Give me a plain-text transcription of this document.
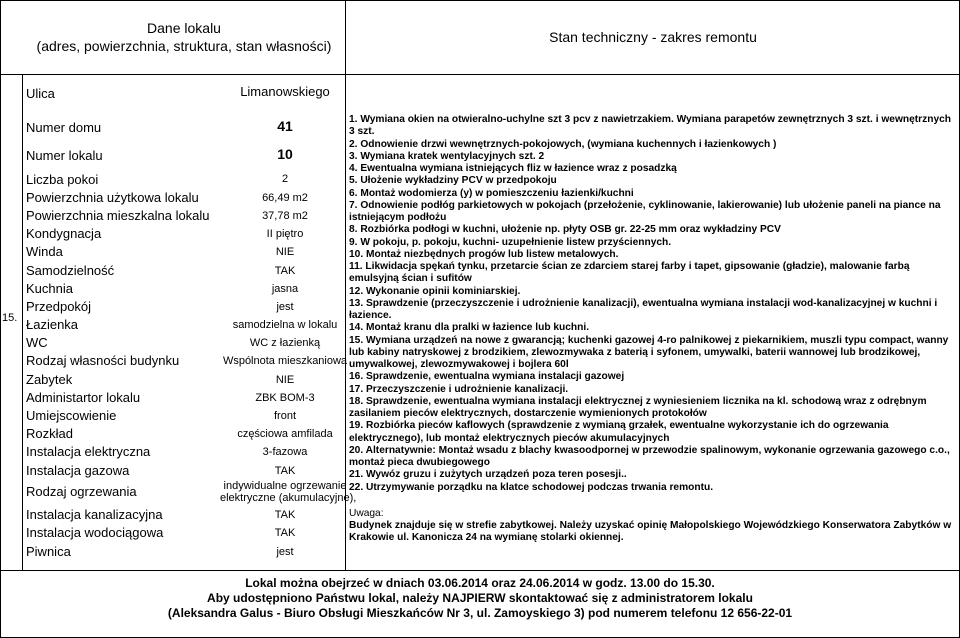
Dane lokalu
(adres, powierzchnia, struktura, stan własności)
Stan techniczny - zakres remontu
15.
Ulica	Limanowskiego
Numer domu	41
Numer lokalu	10
Liczba pokoi	2
Powierzchnia użytkowa lokalu	66,49 m2
Powierzchnia mieszkalna lokalu	37,78 m2
Kondygnacja	II piętro
Winda	NIE
Samodzielność	TAK
Kuchnia	jasna
Przedpokój	jest
Łazienka	samodzielna w lokalu
WC	WC z łazienką
Rodzaj własności budynku	Wspólnota mieszkaniowa
Zabytek	NIE
Administartor lokalu	ZBK BOM-3
Umiejscowienie	front
Rozkład	częściowa amfilada
Instalacja elektryczna	3-fazowa
Instalacja gazowa	TAK
Rodzaj ogrzewania	indywidualne ogrzewanie
elektryczne (akumulacyjne),
Instalacja kanalizacyjna	TAK
Instalacja wodociągowa	TAK
Piwnica	jest

1. Wymiana okien na otwieralno-uchylne szt 3 pcv z nawietrzakiem. Wymiana parapetów zewnętrznych 3 szt. i wewnętrznych 3 szt.

2. Odnowienie drzwi wewnętrznych-pokojowych, (wymiana kuchennych i łazienkowych )

3. Wymiana kratek wentylacyjnych szt. 2

4. Ewentualna wymiana istniejących fliz w łazience wraz z posadzką

5. Ułożenie wykładziny PCV w przedpokoju

6. Montaż wodomierza (y) w pomieszczeniu łazienki/kuchni

7. Odnowienie podłóg parkietowych w pokojach (przełożenie, cyklinowanie, lakierowanie) lub ułożenie paneli na piance na istniejącym podłożu

8. Rozbiórka podłogi w kuchni, ułożenie np. płyty OSB gr. 22-25 mm oraz wykładziny PCV

9. W pokoju, p. pokoju, kuchni- uzupełnienie listew przyściennych.

10. Montaż niezbędnych progów lub listew metalowych.

11. Likwidacja spękań tynku, przetarcie ścian ze zdarciem starej farby i tapet, gipsowanie (gładzie), malowanie farbą emulsyjną ścian i sufitów

12. Wykonanie opinii kominiarskiej.

13. Sprawdzenie (przeczyszczenie i udrożnienie kanalizacji), ewentualna wymiana instalacji wod-kanalizacyjnej w kuchni i łazience.

14. Montaż kranu dla pralki w łazience lub kuchni.

15. Wymiana urządzeń na nowe z gwarancją; kuchenki gazowej 4-ro palnikowej z piekarnikiem, muszli typu compact, wanny lub kabiny natryskowej z brodzikiem, zlewozmywaka z baterią i syfonem, umywalki, baterii wannowej lub brodzikowej, umywalkowej, zlewozmywakowej i bojlera 60l

16. Sprawdzenie, ewentualna wymiana instalacji gazowej

17. Przeczyszczenie i udrożnienie kanalizacji.

18. Sprawdzenie, ewentualna wymiana instalacji elektrycznej z wyniesieniem licznika na kl. schodową wraz z odrębnym zasilaniem pieców elektrycznych, dostarczenie wymienionych protokołów

19. Rozbiórka pieców kaflowych (sprawdzenie z wymianą grzałek, ewentualne wykorzystanie ich do ogrzewania elektrycznego), lub montaż elektrycznych pieców akumulacyjnych

20. Alternatywnie: Montaż wsadu z blachy kwasoodpornej w przewodzie spalinowym, wykonanie ogrzewania gazowego c.o., montaż pieca dwubiegowego

21. Wywóz gruzu i zużytych urządzeń poza teren posesji..

22. Utrzymywanie porządku na klatce schodowej podczas trwania remontu.

Uwaga:

Budynek znajduje się w strefie zabytkowej. Należy uzyskać opinię Małopolskiego Wojewódzkiego Konserwatora Zabytków w Krakowie ul. Kanonicza 24 na wymianę stolarki okiennej.

Lokal można obejrzeć w dniach 03.06.2014 oraz 24.06.2014 w godz. 13.00 do 15.30.
Aby udostępniono Państwu lokal, należy NAJPIERW skontaktować się z administratorem lokalu
(Aleksandra Galus - Biuro Obsługi Mieszkańców Nr 3, ul. Zamoyskiego 3) pod numerem telefonu 12 656-22-01
